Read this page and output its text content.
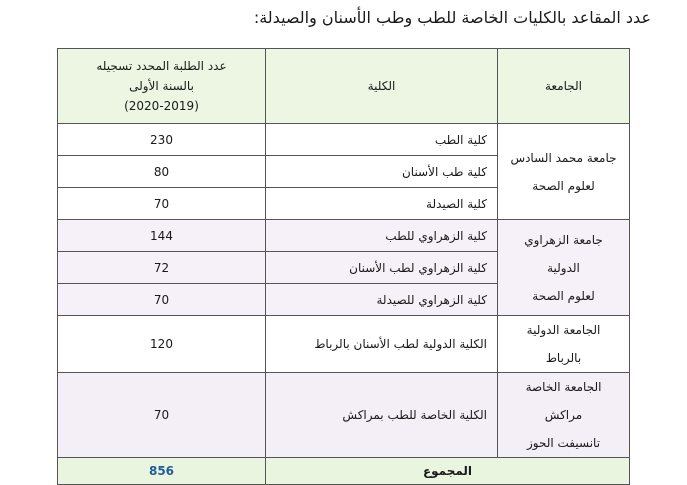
عدد المقاعد بالكليات الخاصة للطب وطب الأسنان والصيدلة:
الجامعة	الكلية	عدد الطلبة المحدد تسجيله
بالسنة الأولى
(2020-2019)

جامعة محمد السادس
لعلوم الصحة	كلية الطب	230
	كلية طب الأسنان	80
	كلية الصيدلة	70

جامعة الزهراوي الدولية
لعلوم الصحة	كلية الزهراوي للطب	144
	كلية الزهراوي لطب الأسنان	72
	كلية الزهراوي للصيدلة	70

الجامعة الدولية بالرباط	الكلية الدولية لطب الأسنان بالرباط	120

الجامعة الخاصة مراكش
تانسيفت الحوز	الكلية الخاصة للطب بمراكش	70
المجموع		856
